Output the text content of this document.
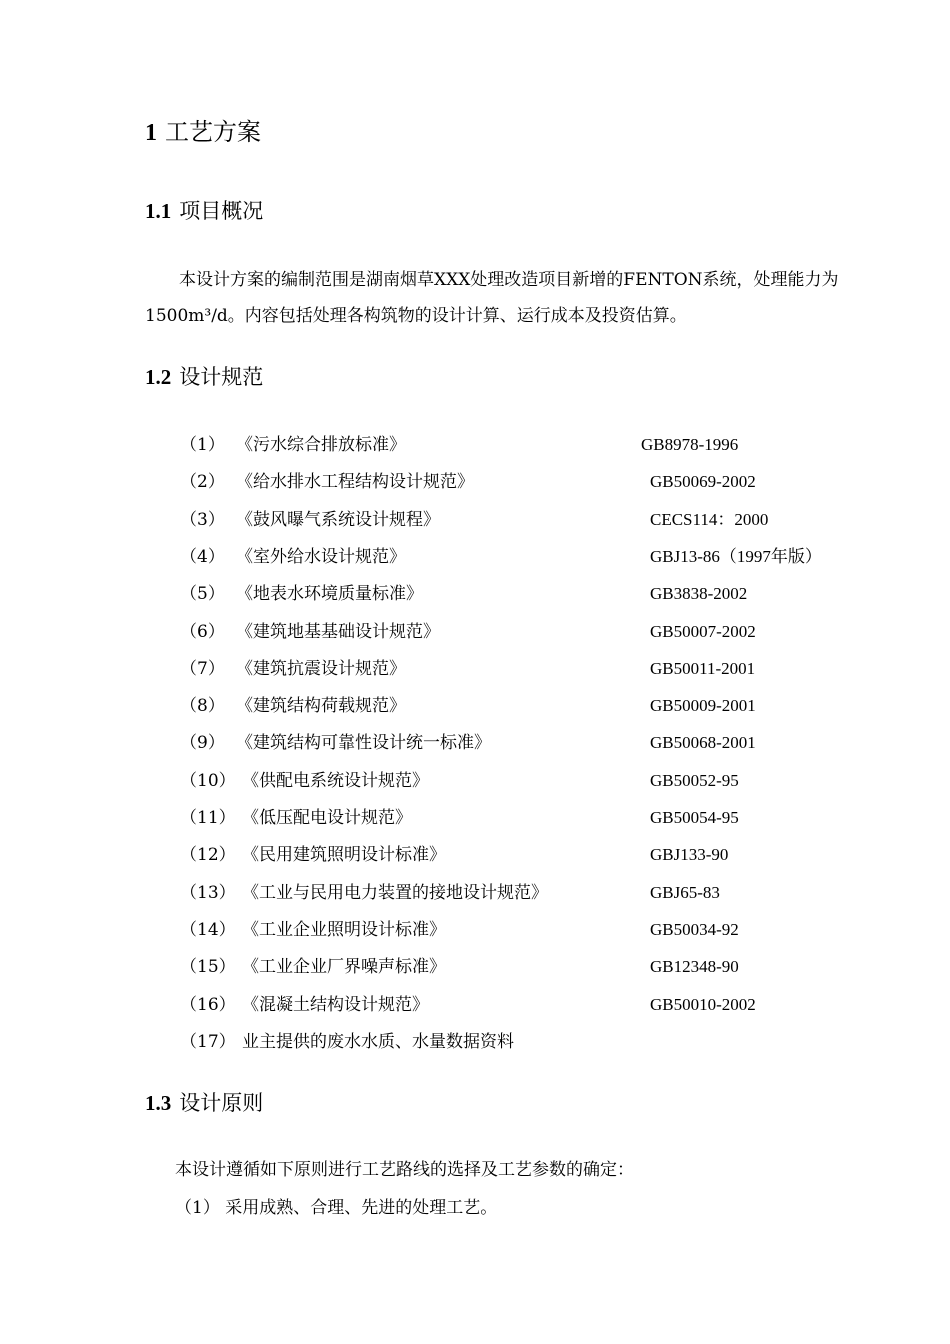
1 工艺方案
1.1 项目概况
本设计方案的编制范围是湖南烟草XXX处理改造项目新增的FENTON系统，处理能力为1500m³/d。内容包括处理各构筑物的设计计算、运行成本及投资估算。
1.2 设计规范
（1） 《污水综合排放标准》	GB8978-1996
（2） 《给水排水工程结构设计规范》	GB50069-2002
（3） 《鼓风曝气系统设计规程》	CECS114：2000
（4） 《室外给水设计规范》	GBJ13-86（1997年版）
（5） 《地表水环境质量标准》	GB3838-2002
（6） 《建筑地基基础设计规范》	GB50007-2002
（7） 《建筑抗震设计规范》	GB50011-2001
（8） 《建筑结构荷载规范》	GB50009-2001
（9） 《建筑结构可靠性设计统一标准》	GB50068-2001
（10） 《供配电系统设计规范》	GB50052-95
（11） 《低压配电设计规范》	GB50054-95
（12） 《民用建筑照明设计标准》	GBJ133-90
（13） 《工业与民用电力装置的接地设计规范》	GBJ65-83
（14） 《工业企业照明设计标准》	GB50034-92
（15） 《工业企业厂界噪声标准》	GB12348-90
（16） 《混凝土结构设计规范》	GB50010-2002
（17） 业主提供的废水水质、水量数据资料
1.3 设计原则
本设计遵循如下原则进行工艺路线的选择及工艺参数的确定：
（1） 采用成熟、合理、先进的处理工艺。
